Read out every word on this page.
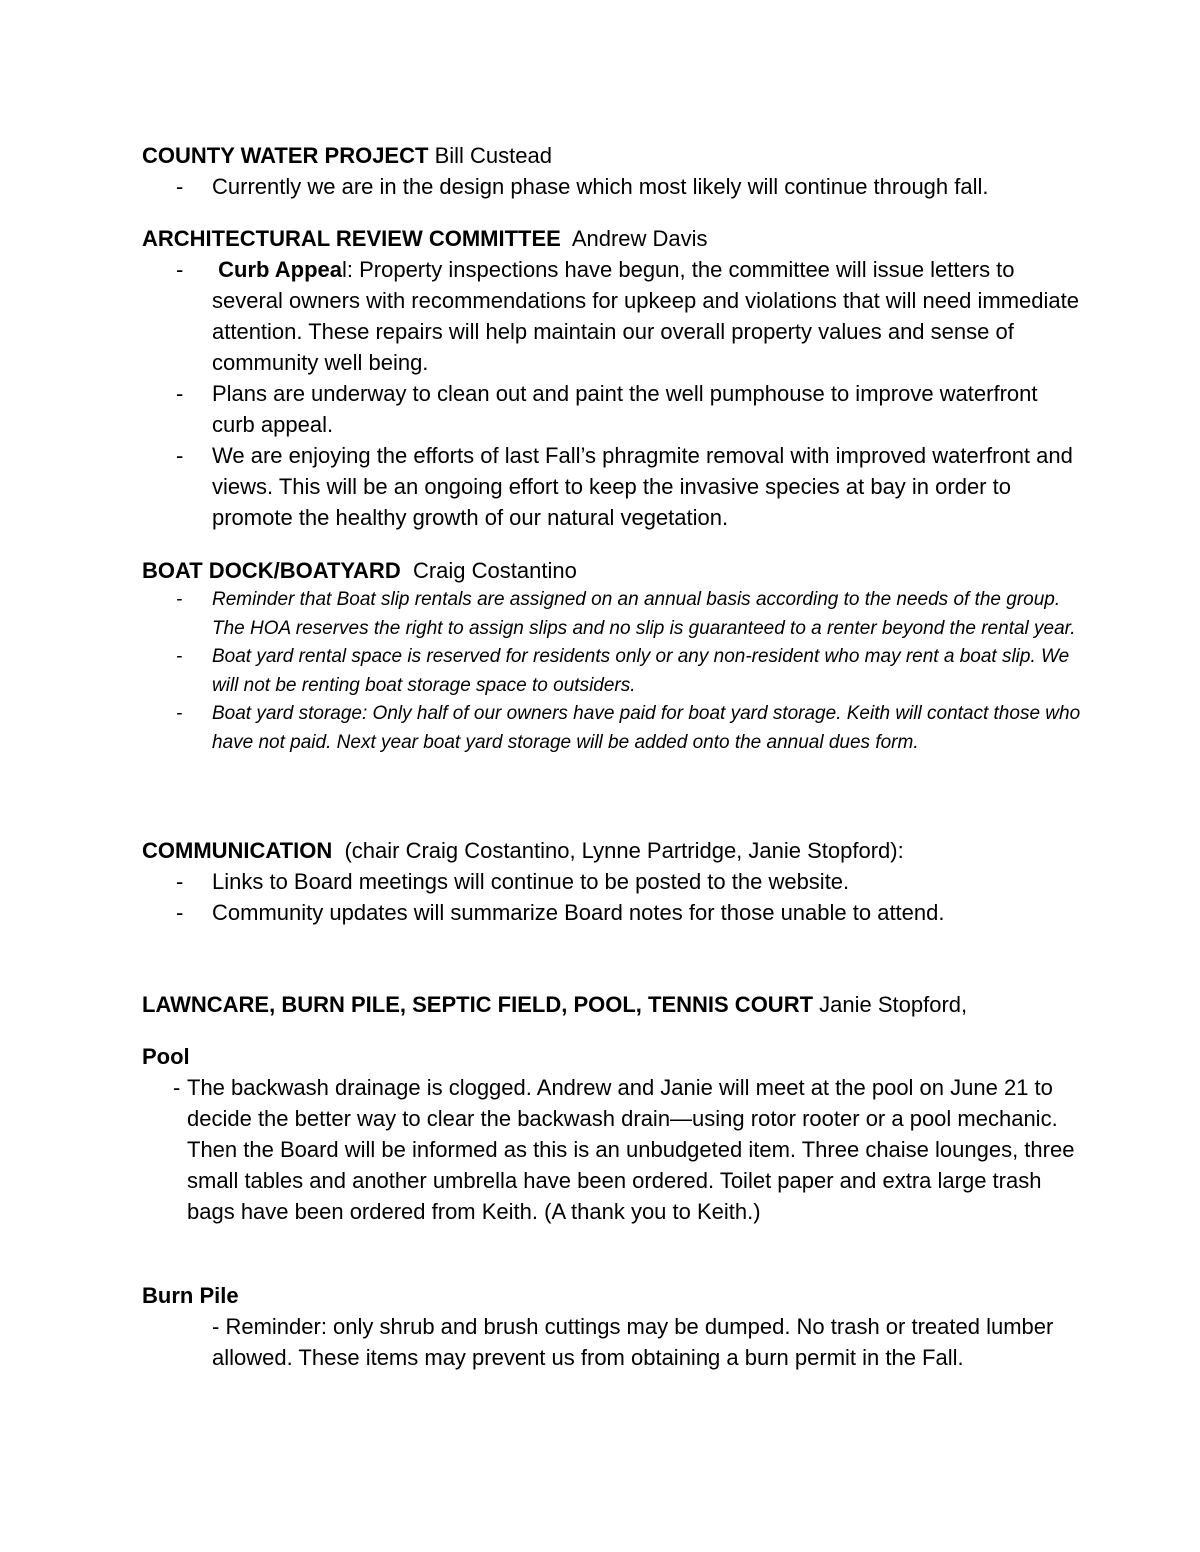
COUNTY WATER PROJECT Bill Custead
- Currently we are in the design phase which most likely will continue through fall.
ARCHITECTURAL REVIEW COMMITTEE Andrew Davis
- Curb Appeal: Property inspections have begun, the committee will issue letters to several owners with recommendations for upkeep and violations that will need immediate attention. These repairs will help maintain our overall property values and sense of community well being.
- Plans are underway to clean out and paint the well pumphouse to improve waterfront curb appeal.
- We are enjoying the efforts of last Fall’s phragmite removal with improved waterfront and views. This will be an ongoing effort to keep the invasive species at bay in order to promote the healthy growth of our natural vegetation.
BOAT DOCK/BOATYARD Craig Costantino
- Reminder that Boat slip rentals are assigned on an annual basis according to the needs of the group. The HOA reserves the right to assign slips and no slip is guaranteed to a renter beyond the rental year.
- Boat yard rental space is reserved for residents only or any non-resident who may rent a boat slip. We will not be renting boat storage space to outsiders.
- Boat yard storage: Only half of our owners have paid for boat yard storage. Keith will contact those who have not paid. Next year boat yard storage will be added onto the annual dues form.
COMMUNICATION (chair Craig Costantino, Lynne Partridge, Janie Stopford):
- Links to Board meetings will continue to be posted to the website.
- Community updates will summarize Board notes for those unable to attend.
LAWNCARE, BURN PILE, SEPTIC FIELD, POOL, TENNIS COURT Janie Stopford,
Pool
- The backwash drainage is clogged. Andrew and Janie will meet at the pool on June 21 to decide the better way to clear the backwash drain—using rotor rooter or a pool mechanic. Then the Board will be informed as this is an unbudgeted item. Three chaise lounges, three small tables and another umbrella have been ordered. Toilet paper and extra large trash bags have been ordered from Keith. (A thank you to Keith.)
Burn Pile
- Reminder: only shrub and brush cuttings may be dumped. No trash or treated lumber allowed. These items may prevent us from obtaining a burn permit in the Fall.
